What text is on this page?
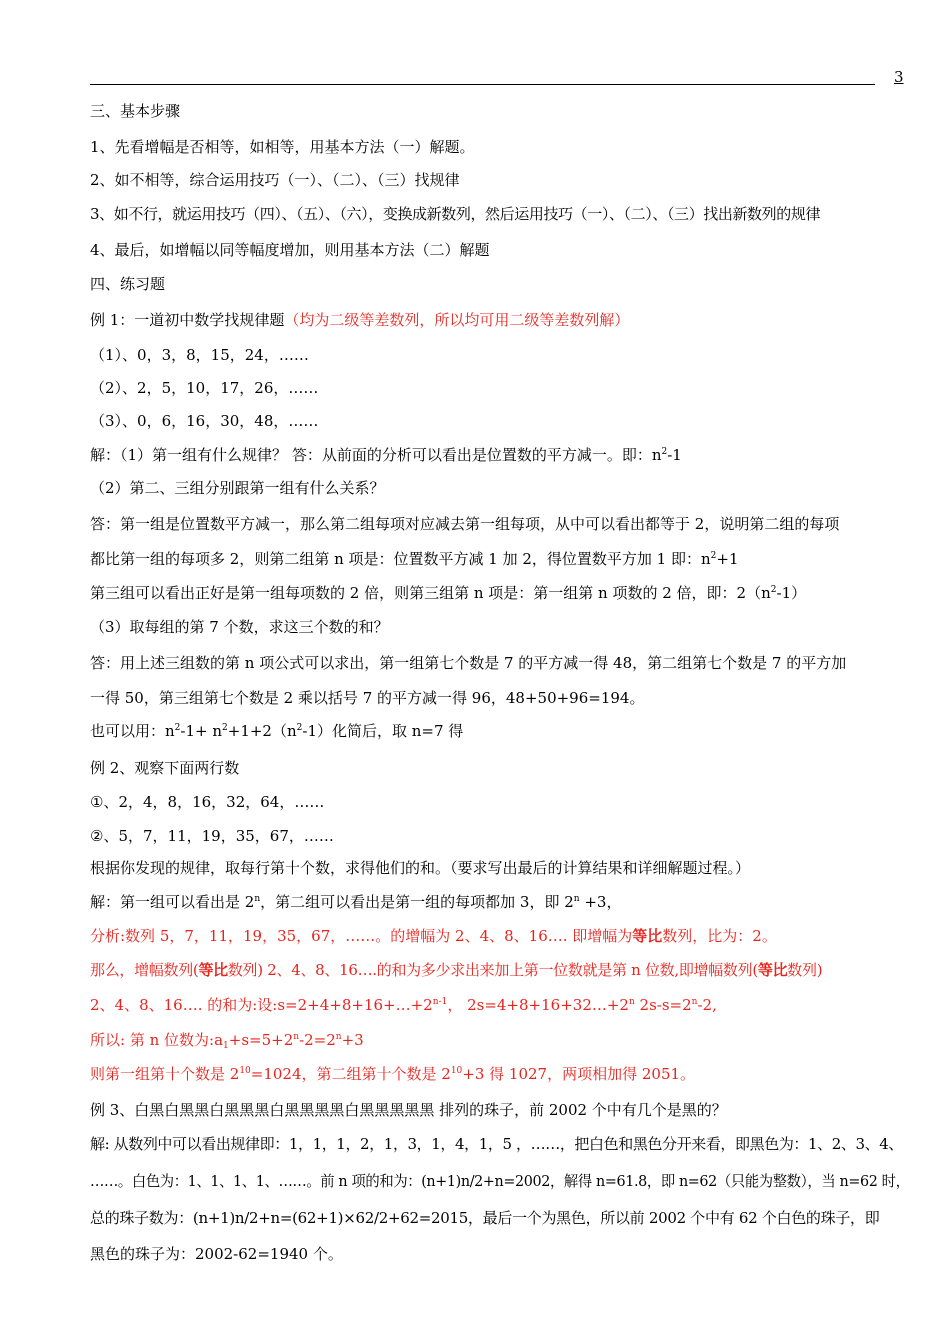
3
三、基本步骤
1、先看增幅是否相等，如相等，用基本方法（一）解题。
2、如不相等，综合运用技巧（一）、（二）、（三）找规律
3、如不行，就运用技巧（四）、（五）、（六），变换成新数列，然后运用技巧（一）、（二）、（三）找出新数列的规律
4、最后，如增幅以同等幅度增加，则用基本方法（二）解题
四、练习题
例 1：一道初中数学找规律题（均为二级等差数列，所以均可用二级等差数列解）
（1）、0，3，8，15，24，……
（2）、2，5，10，17，26，……
（3）、0，6，16，30，48，……
解：（1）第一组有什么规律？ 答：从前面的分析可以看出是位置数的平方减一。即：$n^2-1$
（2）第二、三组分别跟第一组有什么关系？
答：第一组是位置数平方减一，那么第二组每项对应减去第一组每项，从中可以看出都等于 2，说明第二组的每项
都比第一组的每项多 2，则第二组第 n 项是：位置数平方减 1 加 2，得位置数平方加 1 即：$n^2+1$
第三组可以看出正好是第一组每项数的 2 倍，则第三组第 n 项是：第一组第 n 项数的 2 倍，即：$2(n^2-1)$
（3）取每组的第 7 个数，求这三个数的和？
答：用上述三组数的第 n 项公式可以求出，第一组第七个数是 7 的平方减一得 48，第二组第七个数是 7 的平方加
一得 50，第三组第七个数是 2 乘以括号 7 的平方减一得 96，48+50+96=194。
也可以用：$n^2-1+ n^2+1+2(n^2-1)$化简后，取 n=7 得
例 2、观察下面两行数
①、2，4，8，16，32，64，……
②、5，7，11，19，35，67，……
根据你发现的规律，取每行第十个数，求得他们的和。（要求写出最后的计算结果和详细解题过程。）
解：第一组可以看出是 2$^n$，第二组可以看出是第一组的每项都加 3，即 $2^n +3$，
分析:数列 5，7，11，19，35，67，……。的增幅为 2、4、8、16…. 即增幅为等比数列，比为：2。
那么，增幅数列(等比数列) 2、4、8、16….的和为多少求出来加上第一位数就是第 n 位数,即增幅数列(等比数列)
2、4、8、16…. 的和为:设$:s=2+4+8+16+\dots+2^{n-1}$， $2s=4+8+16+32\dots+2^n$ $2s-s=2^n-2$,
所以: 第 n 位数为$:a_1+s=5+2^n-2=2^n+3$
则第一组第十个数是 $2^{10}=1024$，第二组第十个数是 $2^{10}+3$ 得 1027，两项相加得 2051。
例 3、白黑白黑黑白黑黑黑白黑黑黑黑白黑黑黑黑黑 排列的珠子，前 2002 个中有几个是黑的？
解: 从数列中可以看出规律即：1，1，1，2，1，3，1，4，1，5 ，……，把白色和黑色分开来看，即黑色为：1、2、3、4、
……。白色为：1、1、1、1、……。前 n 项的和为：(n+1)n/2+n=2002，解得 n=61.8，即 n=62（只能为整数），当 n=62 时，
总的珠子数为：(n+1)n/2+n=(62+1)×62/2+62=2015，最后一个为黑色，所以前 2002 个中有 62 个白色的珠子，即
黑色的珠子为：2002-62=1940 个。
